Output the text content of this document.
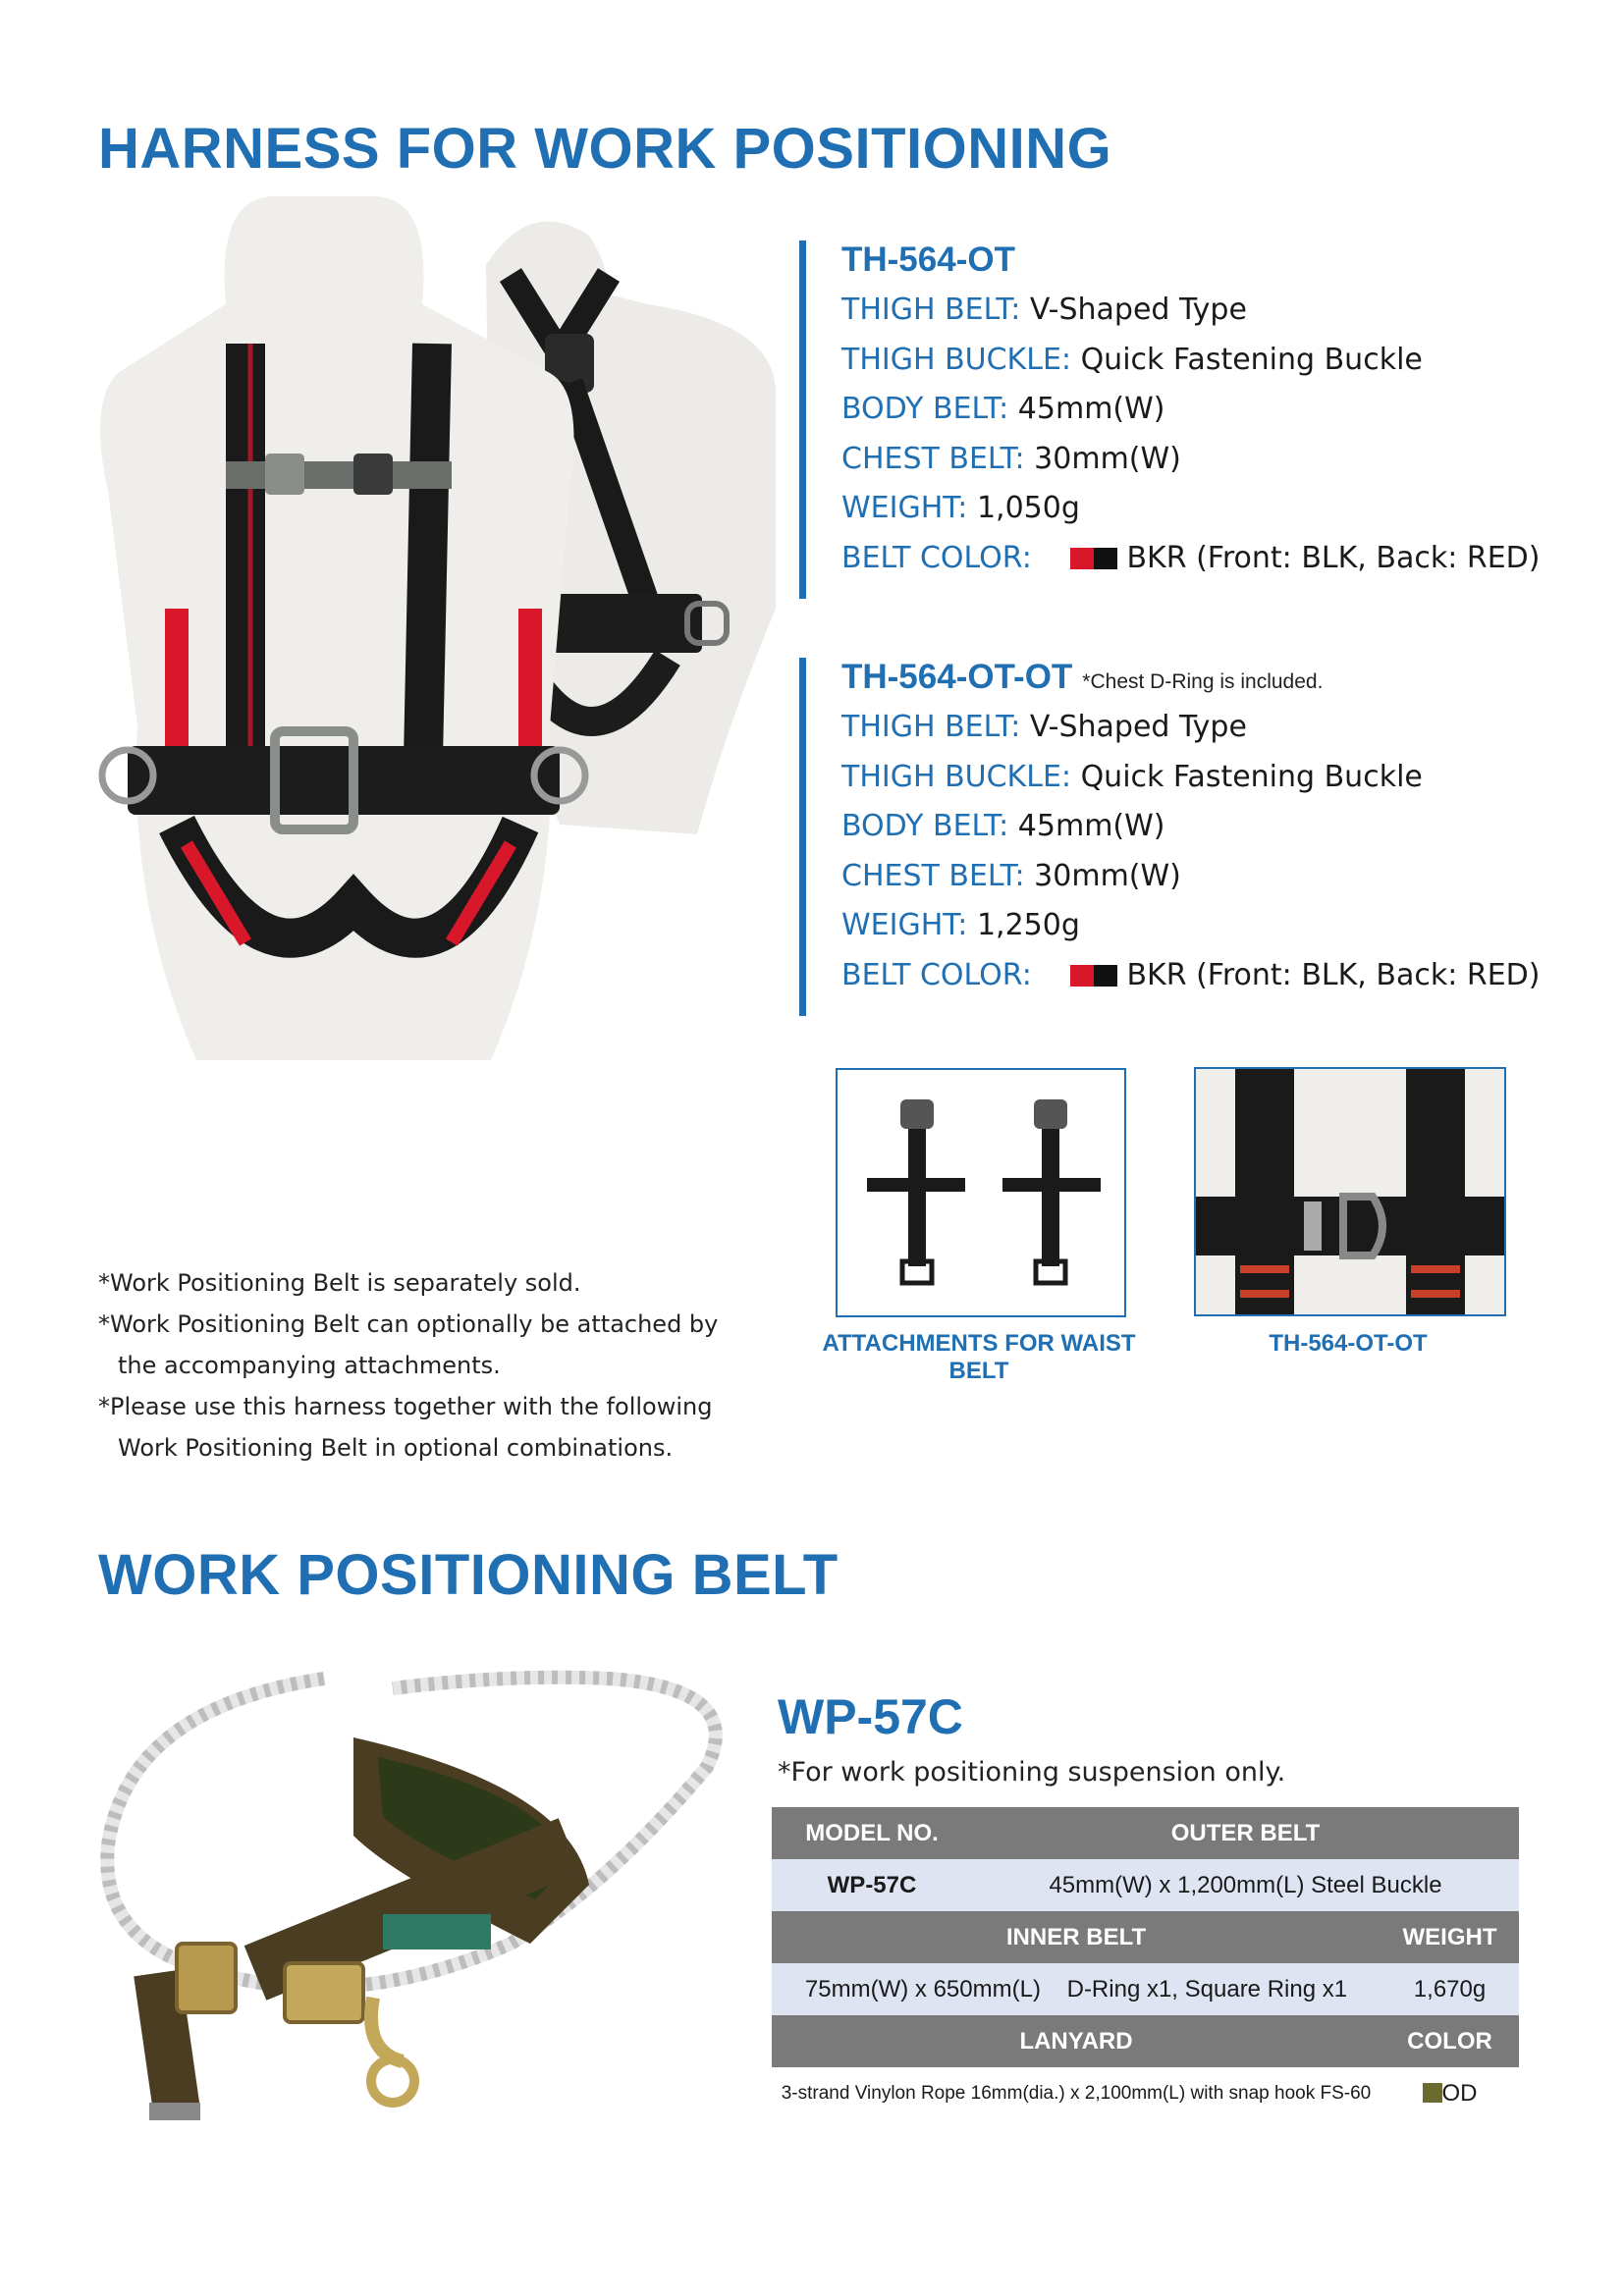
HARNESS FOR WORK POSITIONING
TH-564-OT
THIGH BELT: V-Shaped Type
THIGH BUCKLE: Quick Fastening Buckle
BODY BELT: 45mm(W)
CHEST BELT: 30mm(W)
WEIGHT: 1,050g
BELT COLOR:	BKR (Front: BLK, Back: RED)
TH-564-OT-OT *Chest D-Ring is included.
THIGH BELT: V-Shaped Type
THIGH BUCKLE: Quick Fastening Buckle
BODY BELT: 45mm(W)
CHEST BELT: 30mm(W)
WEIGHT: 1,250g
BELT COLOR:	BKR (Front: BLK, Back: RED)
ATTACHMENTS FOR WAIST BELT
TH-564-OT-OT
*Work Positioning Belt is separately sold.
*Work Positioning Belt can optionally be attached by
the accompanying attachments.
*Please use this harness together with the following
Work Positioning Belt in optional combinations.
WORK POSITIONING BELT
WP-57C
*For work positioning suspension only.
MODEL NO.	OUTER BELT	
WP-57C	45mm(W) x 1,200mm(L) Steel Buckle	
INNER BELT		WEIGHT
75mm(W) x 650mm(L)    D-Ring x1, Square Ring x1		1,670g
LANYARD		COLOR
3-strand Vinylon Rope 16mm(dia.) x 2,100mm(L) with snap hook FS-60		OD
